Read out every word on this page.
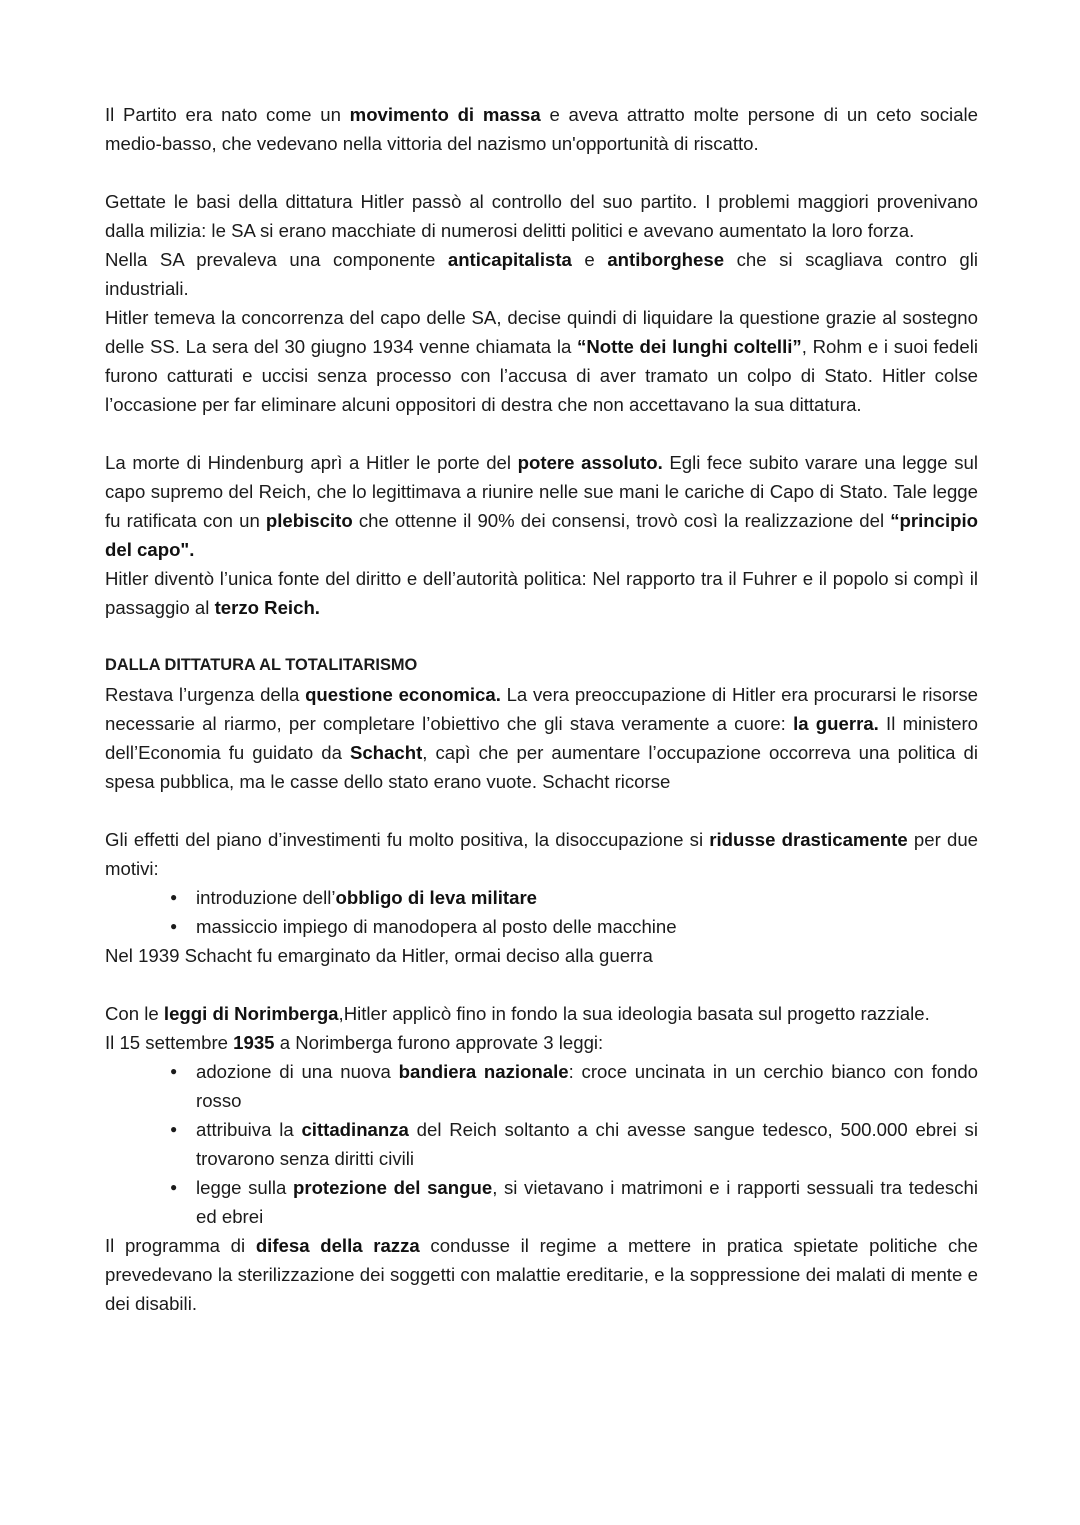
Il Partito era nato come un movimento di massa e aveva attratto molte persone di un ceto sociale medio-basso, che vedevano nella vittoria del nazismo un'opportunità di riscatto.

Gettate le basi della dittatura Hitler passò al controllo del suo partito. I problemi maggiori provenivano dalla milizia: le SA si erano macchiate di numerosi delitti politici e avevano aumentato la loro forza.

Nella SA prevaleva una componente anticapitalista e antiborghese che si scagliava contro gli industriali.

Hitler temeva la concorrenza del capo delle SA, decise quindi di liquidare la questione grazie al sostegno delle SS. La sera del 30 giugno 1934 venne chiamata la “Notte dei lunghi coltelli”, Rohm e i suoi fedeli furono catturati e uccisi senza processo con l’accusa di aver tramato un colpo di Stato. Hitler colse l’occasione per far eliminare alcuni oppositori di destra che non accettavano la sua dittatura.

La morte di Hindenburg aprì a Hitler le porte del potere assoluto. Egli fece subito varare una legge sul capo supremo del Reich, che lo legittimava a riunire nelle sue mani le cariche di Capo di Stato. Tale legge fu ratificata con un plebiscito che ottenne il 90% dei consensi, trovò così la realizzazione del “principio del capo".

Hitler diventò l’unica fonte del diritto e dell’autorità politica: Nel rapporto tra il Fuhrer e il popolo si compì il passaggio al terzo Reich.

DALLA DITTATURA AL TOTALITARISMO

Restava l’urgenza della questione economica. La vera preoccupazione di Hitler era procurarsi le risorse necessarie al riarmo, per completare l’obiettivo che gli stava veramente a cuore: la guerra. Il ministero dell’Economia fu guidato da Schacht, capì che per aumentare l’occupazione occorreva una politica di spesa pubblica, ma le casse dello stato erano vuote. Schacht ricorse

Gli effetti del piano d’investimenti fu molto positiva, la disoccupazione si ridusse drasticamente per due motivi:

● introduzione dell’obbligo di leva militare
● massiccio impiego di manodopera al posto delle macchine

Nel 1939 Schacht fu emarginato da Hitler, ormai deciso alla guerra

Con le leggi di Norimberga,Hitler applicò fino in fondo la sua ideologia basata sul progetto razziale.

Il 15 settembre 1935 a Norimberga furono approvate 3 leggi:

● adozione di una nuova bandiera nazionale: croce uncinata in un cerchio bianco con fondo rosso
● attribuiva la cittadinanza del Reich soltanto a chi avesse sangue tedesco, 500.000 ebrei si trovarono senza diritti civili
● legge sulla protezione del sangue, si vietavano i matrimoni e i rapporti sessuali tra tedeschi ed ebrei

Il programma di difesa della razza condusse il regime a mettere in pratica spietate politiche che prevedevano la sterilizzazione dei soggetti con malattie ereditarie, e la soppressione dei malati di mente e dei disabili.
